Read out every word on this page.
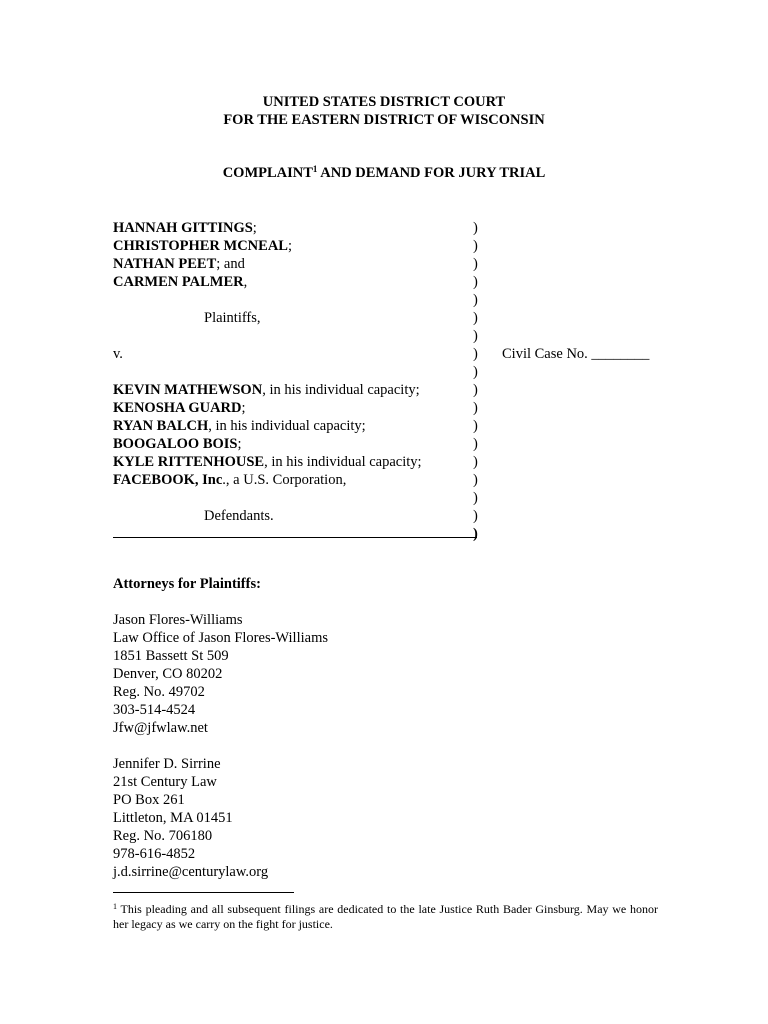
UNITED STATES DISTRICT COURT
FOR THE EASTERN DISTRICT OF WISCONSIN
COMPLAINT$^1$ AND DEMAND FOR JURY TRIAL
HANNAH GITTINGS;
CHRISTOPHER MCNEAL;
NATHAN PEET; and
CARMEN PALMER,
Plaintiffs,
v.
KEVIN MATHEWSON, in his individual capacity;
KENOSHA GUARD;
RYAN BALCH, in his individual capacity;
BOOGALOO BOIS;
KYLE RITTENHOUSE, in his individual capacity;
FACEBOOK, Inc., a U.S. Corporation,
Defendants.
)
)
)
)
)
)
)
)
)
)
)
)
)
)
)
)
)
)
Civil Case No. ________
Attorneys for Plaintiffs:
Jason Flores-Williams
Law Office of Jason Flores-Williams
1851 Bassett St 509
Denver, CO 80202
Reg. No. 49702
303-514-4524
Jfw@jfwlaw.net
Jennifer D. Sirrine
21st Century Law
PO Box 261
Littleton, MA 01451
Reg. No. 706180
978-616-4852
j.d.sirrine@centurylaw.org
$^1$ This pleading and all subsequent filings are dedicated to the late Justice Ruth Bader Ginsburg. May we honor her legacy as we carry on the fight for justice.
